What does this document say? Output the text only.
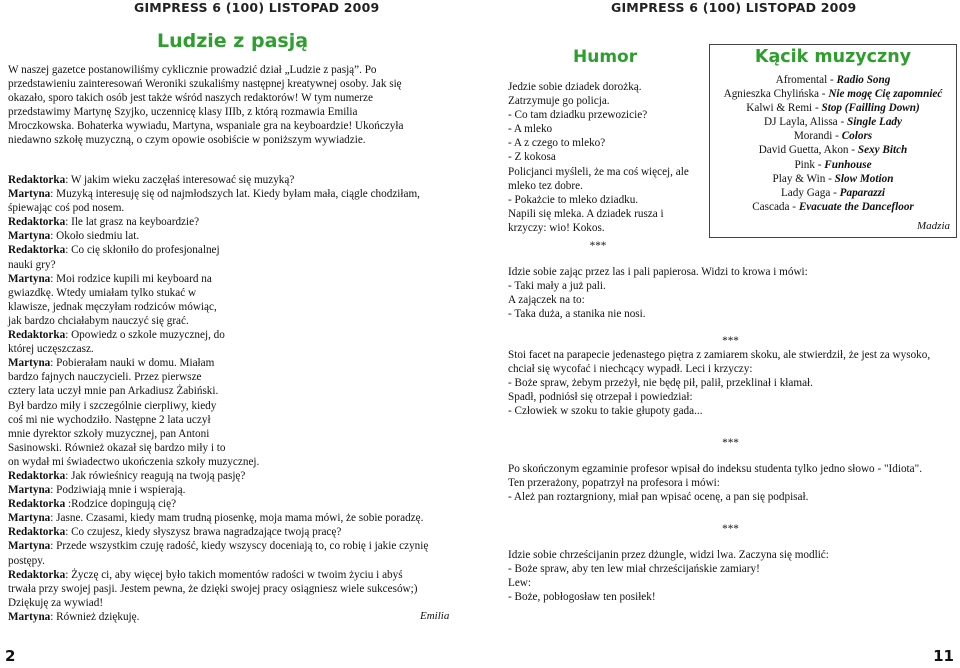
GIMPRESS 6 (100) LISTOPAD 2009	GIMPRESS 6 (100) LISTOPAD 2009
Ludzie z pasją

W naszej gazetce postanowiliśmy cyklicznie prowadzić dział „Ludzie z pasją”. Po

przedstawieniu zainteresowań Weroniki szukaliśmy następnej kreatywnej osoby. Jak się

okazało, sporo takich osób jest także wśród naszych redaktorów! W tym numerze

przedstawimy Martynę Szyjko, uczennicę klasy IIIb, z którą rozmawia Emilia

Mroczkowska. Bohaterka wywiadu, Martyna, wspaniale gra na keyboardzie! Ukończyła

niedawno szkołę muzyczną, o czym opowie osobiście w poniższym wywiadzie.

Redaktorka: W jakim wieku zaczęłaś interesować się muzyką?

Martyna: Muzyką interesuję się od najmłodszych lat. Kiedy byłam mała, ciągle chodziłam,

śpiewając coś pod nosem.

Redaktorka: Ile lat grasz na keyboardzie?

Martyna: Około siedmiu lat.

Redaktorka: Co cię skłoniło do profesjonalnej

nauki gry?

Martyna: Moi rodzice kupili mi keyboard na

gwiazdkę. Wtedy umiałam tylko stukać w

klawisze, jednak męczyłam rodziców mówiąc,

jak bardzo chciałabym nauczyć się grać.

Redaktorka: Opowiedz o szkole muzycznej, do

której uczęszczasz.

Martyna: Pobierałam nauki w domu. Miałam

bardzo fajnych nauczycieli. Przez pierwsze

cztery lata uczył mnie pan Arkadiusz Żabiński.

Był bardzo miły i szczególnie cierpliwy, kiedy

coś mi nie wychodziło. Następne 2 lata uczył

mnie dyrektor szkoły muzycznej, pan Antoni

Sasinowski. Również okazał się bardzo miły i to

on wydał mi świadectwo ukończenia szkoły muzycznej.

Redaktorka: Jak rówieśnicy reagują na twoją pasję?

Martyna: Podziwiają mnie i wspierają.

Redaktorka :Rodzice dopingują cię?

Martyna: Jasne. Czasami, kiedy mam trudną piosenkę, moja mama mówi, że sobie poradzę.

Redaktorka: Co czujesz, kiedy słyszysz brawa nagradzające twoją pracę?

Martyna: Przede wszystkim czuję radość, kiedy wszyscy doceniają to, co robię i jakie czynię

postępy.

Redaktorka: Życzę ci, aby więcej było takich momentów radości w twoim życiu i abyś

trwała przy swojej pasji. Jestem pewna, że dzięki swojej pracy osiągniesz wiele sukcesów;)

Dziękuję za wywiad!

Martyna: Również dziękuję.	Emilia
Humor

Jedzie sobie dziadek dorożką.

Zatrzymuje go policja.

- Co tam dziadku przewozicie?

- A mleko

- A z czego to mleko?

- Z kokosa

Policjanci myśleli, że ma coś więcej, ale

mleko tez dobre.

- Pokażcie to mleko dziadku.

Napili się mleka. A dziadek rusza i

krzyczy: wio! Kokos.

***

Idzie sobie zając przez las i pali papierosa. Widzi to krowa i mówi:

- Taki mały a już pali.

A zajączek na to:

- Taka duża, a stanika nie nosi.

***

Stoi facet na parapecie jedenastego piętra z zamiarem skoku, ale stwierdził, że jest za wysoko,

chciał się wycofać i niechcący wypadł. Leci i krzyczy:

- Boże spraw, żebym przeżył, nie będę pił, palił, przeklinał i kłamał.

Spadł, podniósł się otrzepał i powiedział:

- Człowiek w szoku to takie głupoty gada...

***

Po skończonym egzaminie profesor wpisał do indeksu studenta tylko jedno słowo - "Idiota".

Ten przerażony, popatrzył na profesora i mówi:

- Ależ pan roztargniony, miał pan wpisać ocenę, a pan się podpisał.

***

Idzie sobie chrześcijanin przez dżungle, widzi lwa. Zaczyna się modlić:

- Boże spraw, aby ten lew miał chrześcijańskie zamiary!

Lew:

- Boże, pobłogosław ten posiłek!

Kącik muzyczny
Afromental - Radio Song
Agnieszka Chylińska - Nie mogę Cię zapomnieć
Kalwi & Remi - Stop (Failling Down)
DJ Layla, Alissa - Single Lady
Morandi - Colors
David Guetta, Akon - Sexy Bitch
Pink - Funhouse
Play & Win - Slow Motion
Lady Gaga - Paparazzi
Cascada - Evacuate the Dancefloor
Madzia
2	11
